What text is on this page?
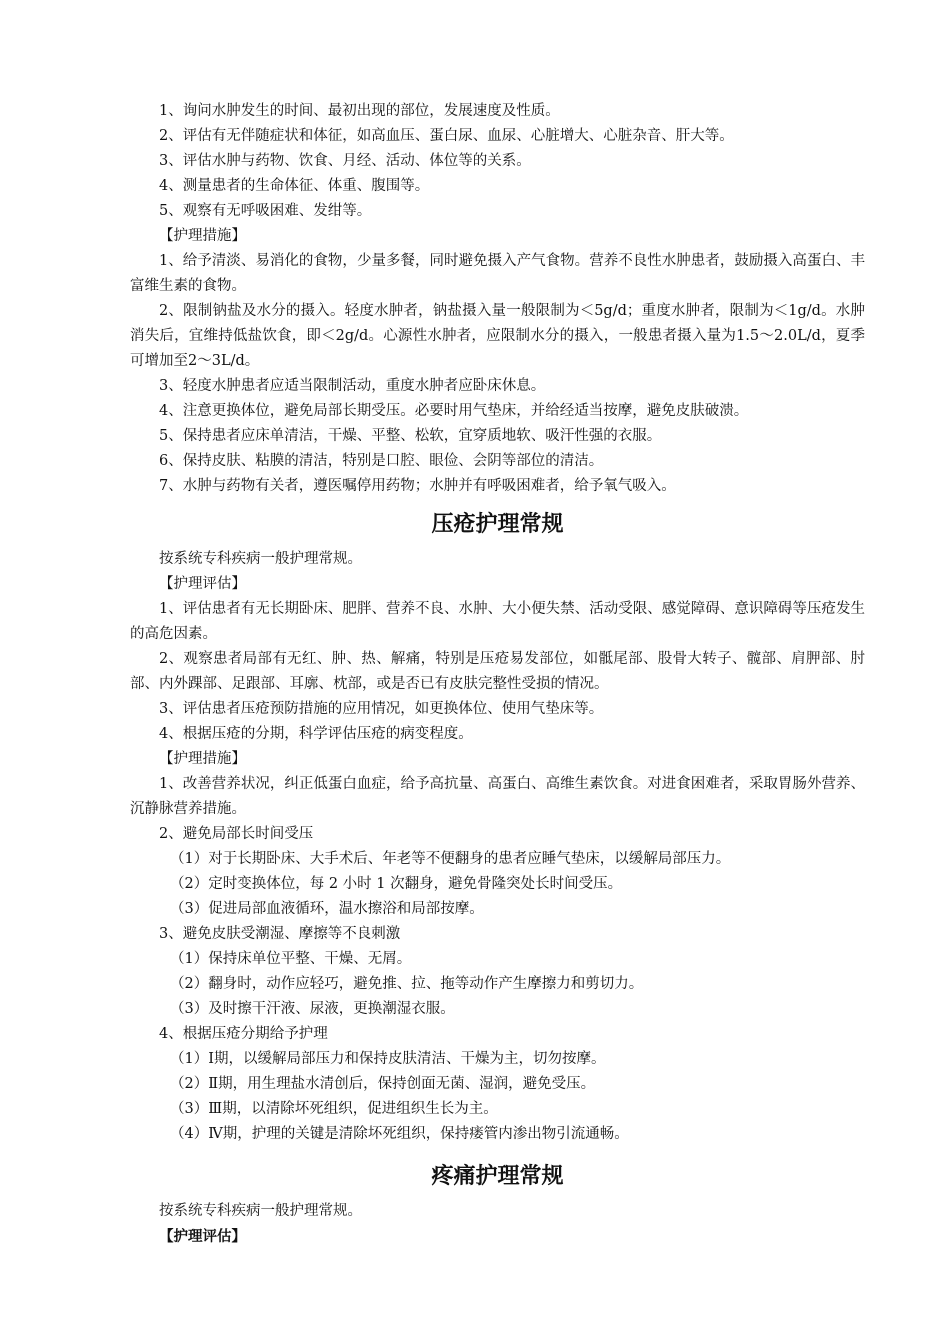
1、询问水肿发生的时间、最初出现的部位，发展速度及性质。

2、评估有无伴随症状和体征，如高血压、蛋白尿、血尿、心脏增大、心脏杂音、肝大等。

3、评估水肿与药物、饮食、月经、活动、体位等的关系。

4、测量患者的生命体征、体重、腹围等。

5、观察有无呼吸困难、发绀等。

【护理措施】

1、给予清淡、易消化的食物，少量多餐，同时避免摄入产气食物。营养不良性水肿患者，鼓励摄入高蛋白、丰富维生素的食物。

2、限制钠盐及水分的摄入。轻度水肿者，钠盐摄入量一般限制为＜5g/d；重度水肿者，限制为＜1g/d。水肿消失后，宜维持低盐饮食，即＜2g/d。心源性水肿者，应限制水分的摄入，一般患者摄入量为1.5～2.0L/d，夏季可增加至2～3L/d。

3、轻度水肿患者应适当限制活动，重度水肿者应卧床休息。

4、注意更换体位，避免局部长期受压。必要时用气垫床，并给经适当按摩，避免皮肤破溃。

5、保持患者应床单清洁，干燥、平整、松软，宜穿质地软、吸汗性强的衣服。

6、保持皮肤、粘膜的清洁，特别是口腔、眼俭、会阴等部位的清洁。

7、水肿与药物有关者，遵医嘱停用药物；水肿并有呼吸困难者，给予氧气吸入。

压疮护理常规

按系统专科疾病一般护理常规。

【护理评估】

1、评估患者有无长期卧床、肥胖、营养不良、水肿、大小便失禁、活动受限、感觉障碍、意识障碍等压疮发生的高危因素。

2、观察患者局部有无红、肿、热、解痛，特别是压疮易发部位，如骶尾部、股骨大转子、髋部、肩胛部、肘部、内外踝部、足跟部、耳廓、枕部，或是否已有皮肤完整性受损的情况。

3、评估患者压疮预防措施的应用情况，如更换体位、使用气垫床等。

4、根据压疮的分期，科学评估压疮的病变程度。

【护理措施】

1、改善营养状况，纠正低蛋白血症，给予高抗量、高蛋白、高维生素饮食。对进食困难者，采取胃肠外营养、沉静脉营养措施。

2、避免局部长时间受压

（1）对于长期卧床、大手术后、年老等不便翻身的患者应睡气垫床，以缓解局部压力。

（2）定时变换体位，每 2 小时 1 次翻身，避免骨隆突处长时间受压。

（3）促进局部血液循环，温水擦浴和局部按摩。

3、避免皮肤受潮湿、摩擦等不良刺激

（1）保持床单位平整、干燥、无屑。

（2）翻身时，动作应轻巧，避免推、拉、拖等动作产生摩擦力和剪切力。

（3）及时擦干汗液、尿液，更换潮湿衣服。

4、根据压疮分期给予护理

（1）Ⅰ期，以缓解局部压力和保持皮肤清洁、干燥为主，切勿按摩。

（2）Ⅱ期，用生理盐水清创后，保持创面无菌、湿润，避免受压。

（3）Ⅲ期，以清除坏死组织，促进组织生长为主。

（4）Ⅳ期，护理的关键是清除坏死组织，保持瘘管内渗出物引流通畅。

疼痛护理常规

按系统专科疾病一般护理常规。

【护理评估】
